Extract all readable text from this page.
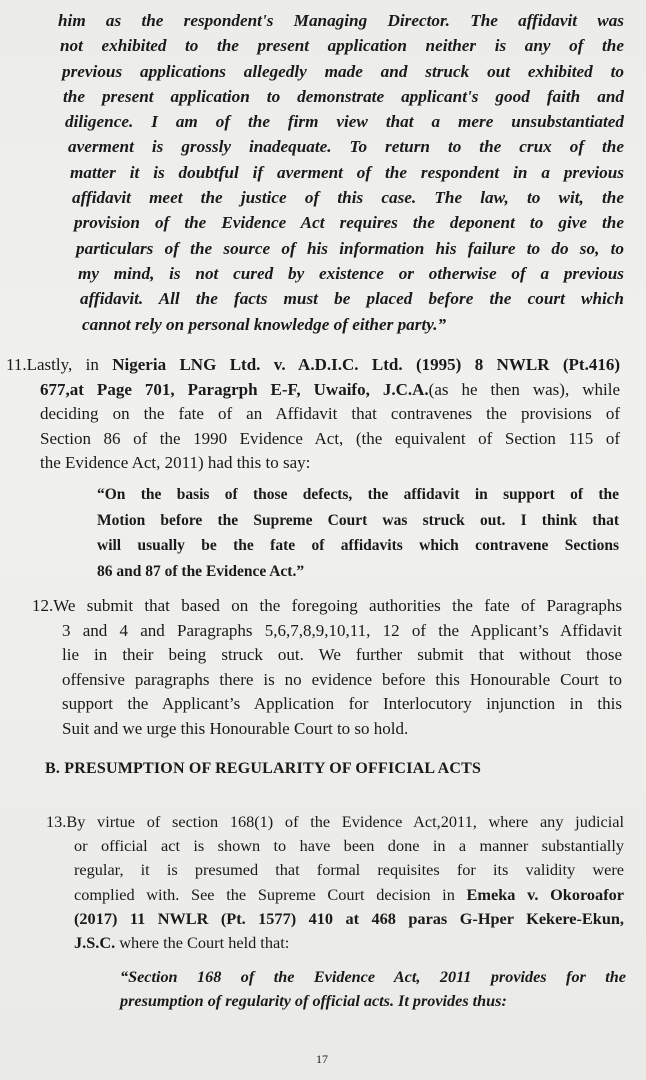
him as the respondent's Managing Director. The affidavit was
not exhibited to the present application neither is any of the
previous applications allegedly made and struck out exhibited to
the present application to demonstrate applicant's good faith and
diligence. I am of the firm view that a mere unsubstantiated
averment is grossly inadequate. To return to the crux of the
matter it is doubtful if averment of the respondent in a previous
affidavit meet the justice of this case. The law, to wit, the
provision of the Evidence Act requires the deponent to give the
particulars of the source of his information his failure to do so, to
my mind, is not cured by existence or otherwise of a previous
affidavit. All the facts must be placed before the court which
cannot rely on personal knowledge of either party.”
11.Lastly, in Nigeria LNG Ltd. v. A.D.I.C. Ltd. (1995) 8 NWLR (Pt.416)
677,at Page 701, Paragrph E-F, Uwaifo, J.C.A.(as he then was), while
deciding on the fate of an Affidavit that contravenes the provisions of
Section 86 of the 1990 Evidence Act, (the equivalent of Section 115 of
the Evidence Act, 2011) had this to say:
“On the basis of those defects, the affidavit in support of the
Motion before the Supreme Court was struck out. I think that
will usually be the fate of affidavits which contravene Sections
86 and 87 of the Evidence Act.”
12.We submit that based on the foregoing authorities the fate of Paragraphs
3 and 4 and Paragraphs 5,6,7,8,9,10,11, 12 of the Applicant’s Affidavit
lie in their being struck out. We further submit that without those
offensive paragraphs there is no evidence before this Honourable Court to
support the Applicant’s Application for Interlocutory injunction in this
Suit and we urge this Honourable Court to so hold.
B. PRESUMPTION OF REGULARITY OF OFFICIAL ACTS
13.By virtue of section 168(1) of the Evidence Act,2011, where any judicial
or official act is shown to have been done in a manner substantially
regular, it is presumed that formal requisites for its validity were
complied with. See the Supreme Court decision in Emeka v. Okoroafor
(2017) 11 NWLR (Pt. 1577) 410 at 468 paras G-Hper Kekere-Ekun,
J.S.C. where the Court held that:
“Section 168 of the Evidence Act, 2011 provides for the
presumption of regularity of official acts. It provides thus:
17
